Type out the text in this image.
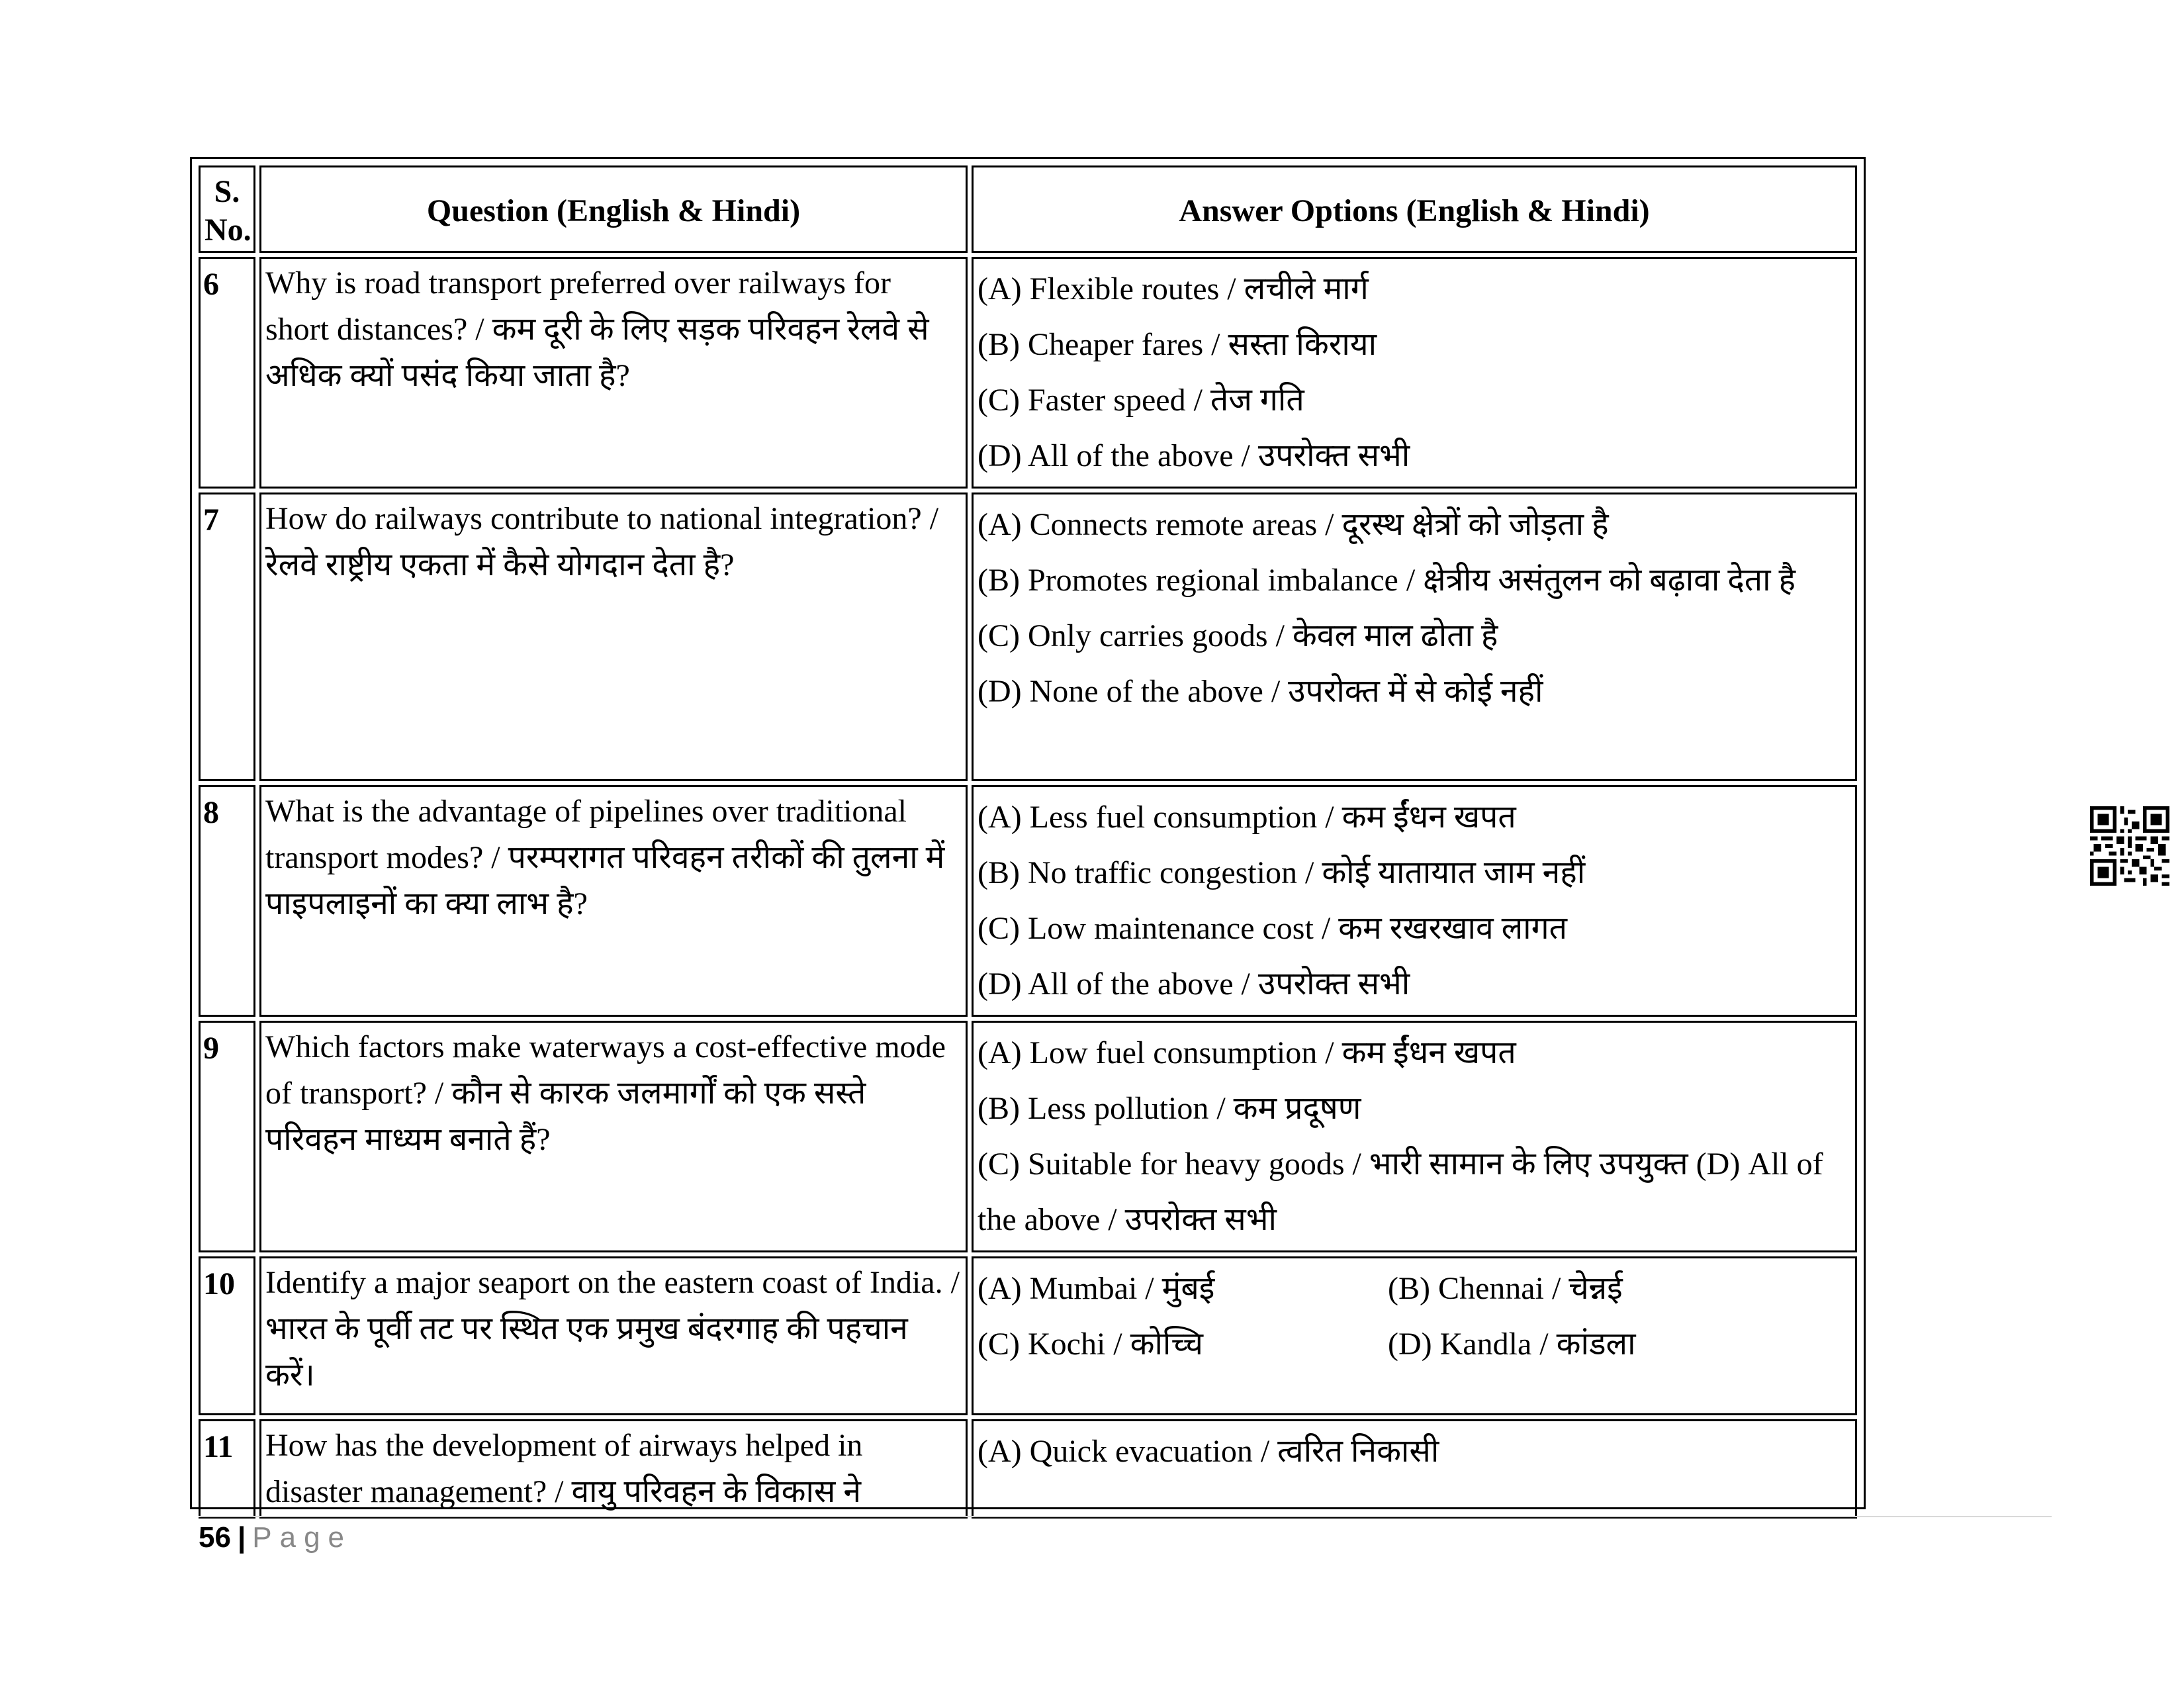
S. No.	Question (English & Hindi)	Answer Options (English & Hindi)
6	Why is road transport preferred over railways for short distances? / कम दूरी के लिए सड़क परिवहन रेलवे से अधिक क्यों पसंद किया जाता है?	(A) Flexible routes / लचीले मार्ग
(B) Cheaper fares / सस्ता किराया
(C) Faster speed / तेज गति
(D) All of the above / उपरोक्त सभी

7	How do railways contribute to national integration? / रेलवे राष्ट्रीय एकता में कैसे योगदान देता है?	(A) Connects remote areas / दूरस्थ क्षेत्रों को जोड़ता है
(B) Promotes regional imbalance / क्षेत्रीय असंतुलन को बढ़ावा देता है
(C) Only carries goods / केवल माल ढोता है
(D) None of the above / उपरोक्त में से कोई नहीं

8	What is the advantage of pipelines over traditional transport modes? / परम्परागत परिवहन तरीकों की तुलना में पाइपलाइनों का क्या लाभ है?	(A) Less fuel consumption / कम ईंधन खपत
(B) No traffic congestion / कोई यातायात जाम नहीं
(C) Low maintenance cost / कम रखरखाव लागत
(D) All of the above / उपरोक्त सभी

9	Which factors make waterways a cost-effective mode of transport? / कौन से कारक जलमार्गों को एक सस्ते परिवहन माध्यम बनाते हैं?	(A) Low fuel consumption / कम ईंधन खपत
(B) Less pollution / कम प्रदूषण
(C) Suitable for heavy goods / भारी सामान के लिए उपयुक्त (D) All of the above / उपरोक्त सभी

10	Identify a major seaport on the eastern coast of India. / भारत के पूर्वी तट पर स्थित एक प्रमुख बंदरगाह की पहचान करें।	(A) Mumbai / मुंबई (B) Chennai / चेन्नई
(C) Kochi / कोच्चि (D) Kandla / कांडला

11	How has the development of airways helped in disaster management? / वायु परिवहन के विकास ने	(A) Quick evacuation / त्वरित निकासी
56 | Page
